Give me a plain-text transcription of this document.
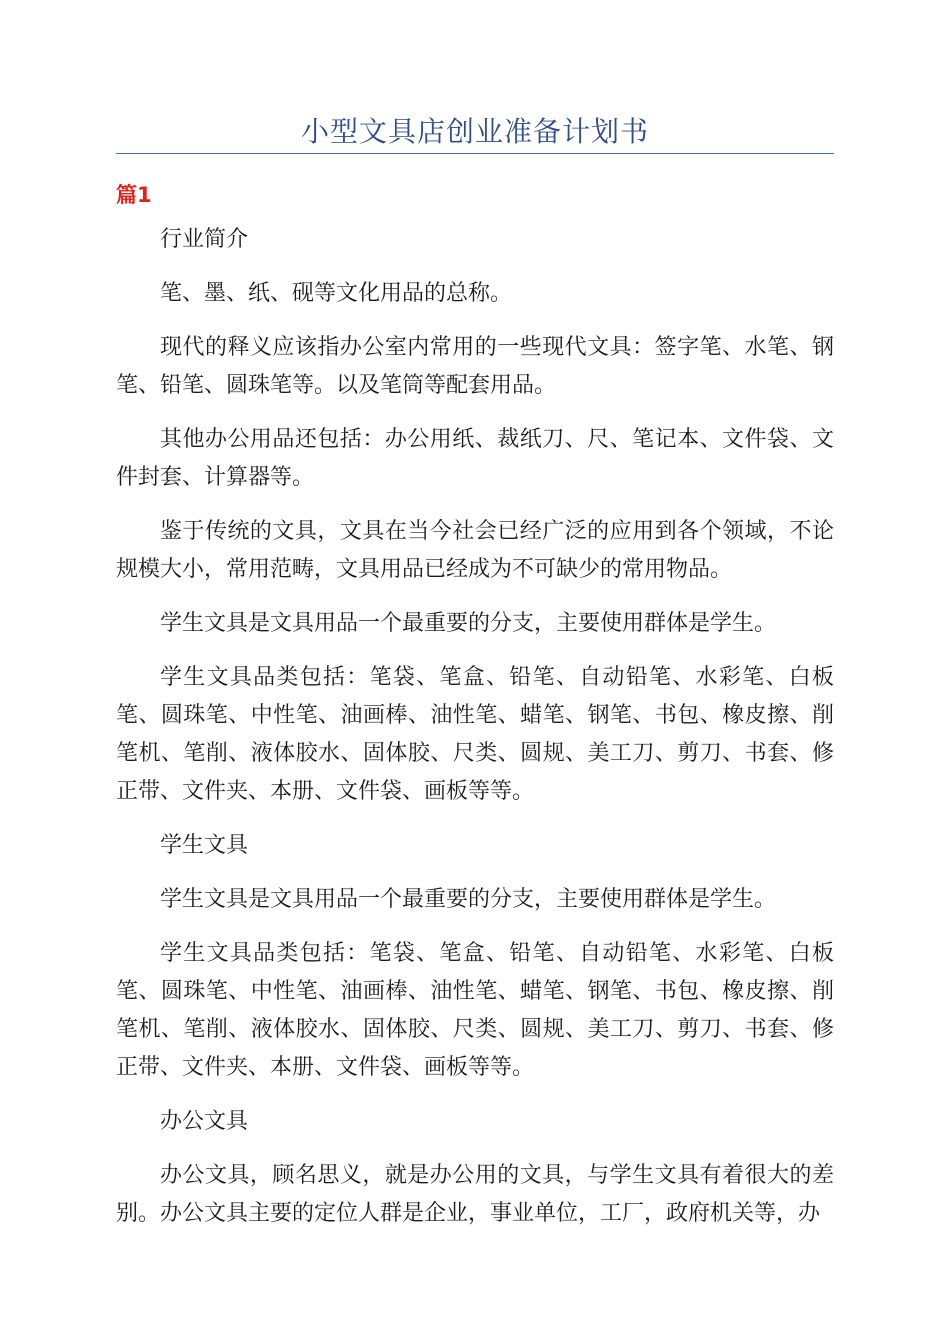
小型文具店创业准备计划书
篇1

行业简介

笔、墨、纸、砚等文化用品的总称。

现代的释义应该指办公室内常用的一些现代文具：签字笔、水笔、钢笔、铅笔、圆珠笔等。以及笔筒等配套用品。

其他办公用品还包括：办公用纸、裁纸刀、尺、笔记本、文件袋、文件封套、计算器等。

鉴于传统的文具，文具在当今社会已经广泛的应用到各个领域，不论规模大小，常用范畴，文具用品已经成为不可缺少的常用物品。

学生文具是文具用品一个最重要的分支，主要使用群体是学生。

学生文具品类包括：笔袋、笔盒、铅笔、自动铅笔、水彩笔、白板笔、圆珠笔、中性笔、油画棒、油性笔、蜡笔、钢笔、书包、橡皮擦、削笔机、笔削、液体胶水、固体胶、尺类、圆规、美工刀、剪刀、书套、修正带、文件夹、本册、文件袋、画板等等。

学生文具

学生文具是文具用品一个最重要的分支，主要使用群体是学生。

学生文具品类包括：笔袋、笔盒、铅笔、自动铅笔、水彩笔、白板笔、圆珠笔、中性笔、油画棒、油性笔、蜡笔、钢笔、书包、橡皮擦、削笔机、笔削、液体胶水、固体胶、尺类、圆规、美工刀、剪刀、书套、修正带、文件夹、本册、文件袋、画板等等。

办公文具

办公文具，顾名思义，就是办公用的文具，与学生文具有着很大的差别。办公文具主要的定位人群是企业，事业单位，工厂，政府机关等，办
